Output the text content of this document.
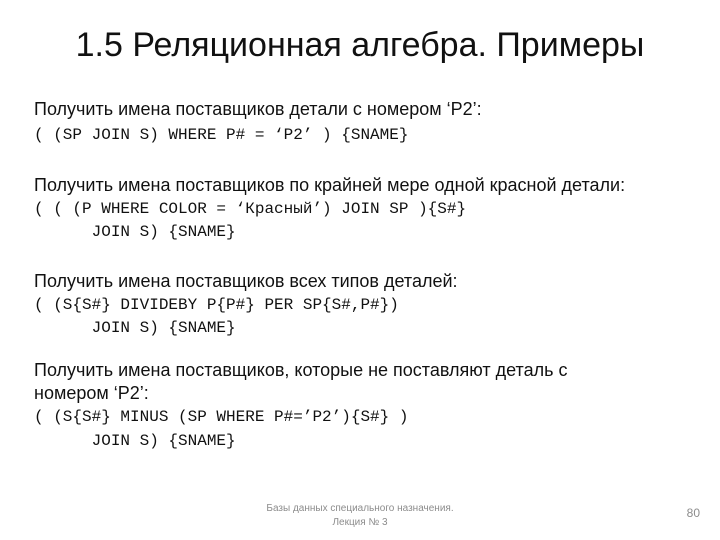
1.5 Реляционная алгебра. Примеры
Получить имена поставщиков детали с номером ‘P2’:
( (SP JOIN S) WHERE P# = ‘P2’ ) {SNAME}
Получить имена поставщиков по крайней мере одной красной детали:
( ( (P WHERE COLOR = ‘Красный’) JOIN SP ){S#}
JOIN S) {SNAME}
Получить имена поставщиков всех типов деталей:
( (S{S#} DIVIDEBY P{P#} PER SP{S#,P#})
JOIN S) {SNAME}
Получить имена поставщиков, которые не поставляют деталь с
номером ‘P2’:
( (S{S#} MINUS (SP WHERE P#=’P2’){S#} )
JOIN S) {SNAME}
Базы данных специального назначения.
Лекция № 3
80
